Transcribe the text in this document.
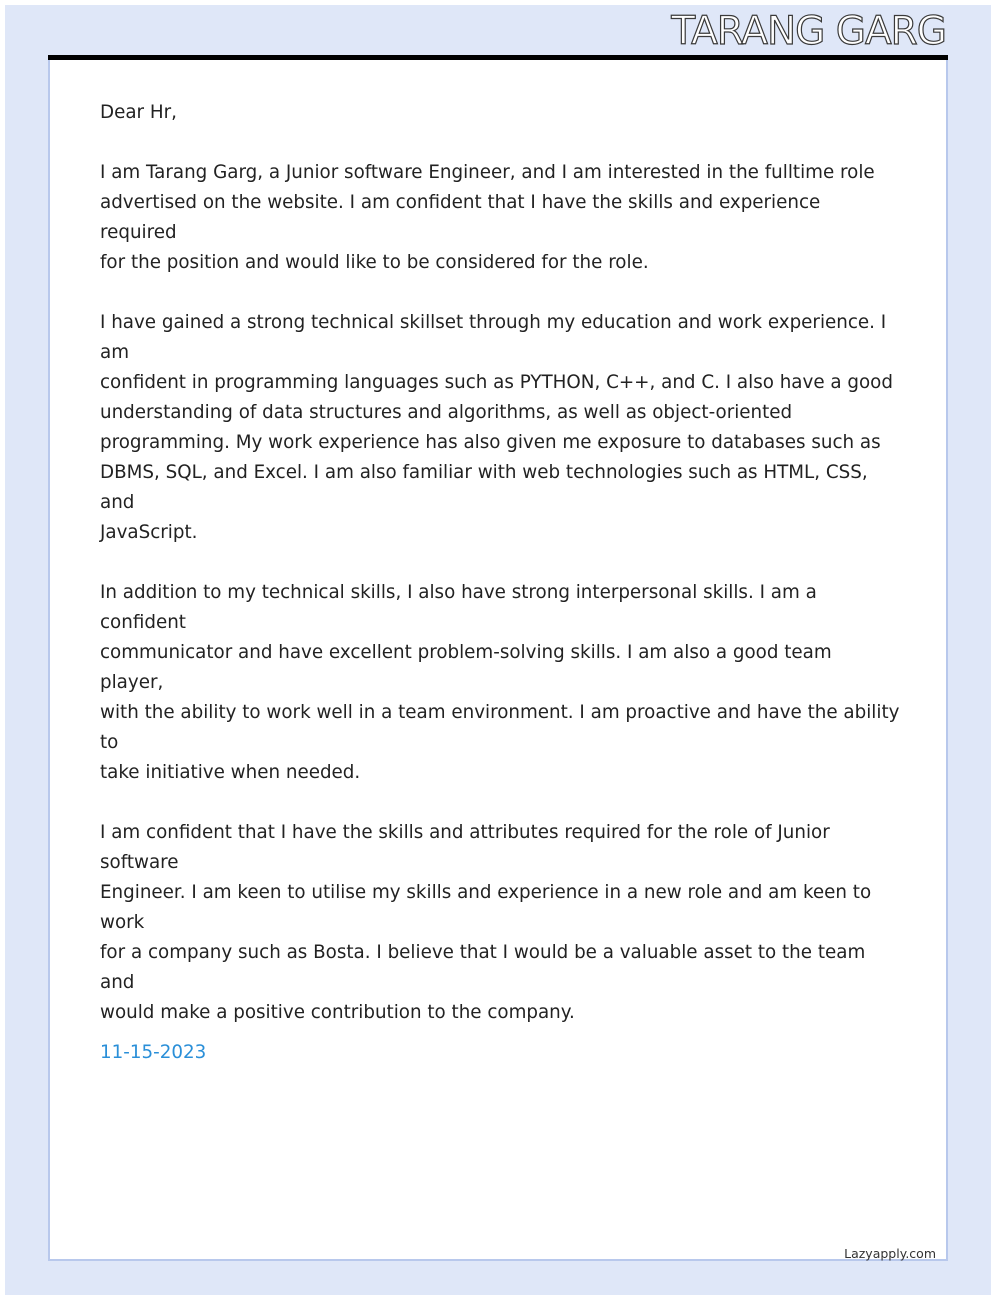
TARANG GARG

Dear Hr,

I am Tarang Garg, a Junior software Engineer, and I am interested in the fulltime role
advertised on the website. I am confident that I have the skills and experience required
for the position and would like to be considered for the role.

I have gained a strong technical skillset through my education and work experience. I am
confident in programming languages such as PYTHON, C++, and C. I also have a good
understanding of data structures and algorithms, as well as object-oriented
programming. My work experience has also given me exposure to databases such as
DBMS, SQL, and Excel. I am also familiar with web technologies such as HTML, CSS, and
JavaScript.

In addition to my technical skills, I also have strong interpersonal skills. I am a confident
communicator and have excellent problem-solving skills. I am also a good team player,
with the ability to work well in a team environment. I am proactive and have the ability to
take initiative when needed.

I am confident that I have the skills and attributes required for the role of Junior software
Engineer. I am keen to utilise my skills and experience in a new role and am keen to work
for a company such as Bosta. I believe that I would be a valuable asset to the team and
would make a positive contribution to the company.

11-15-2023
Lazyapply.com
